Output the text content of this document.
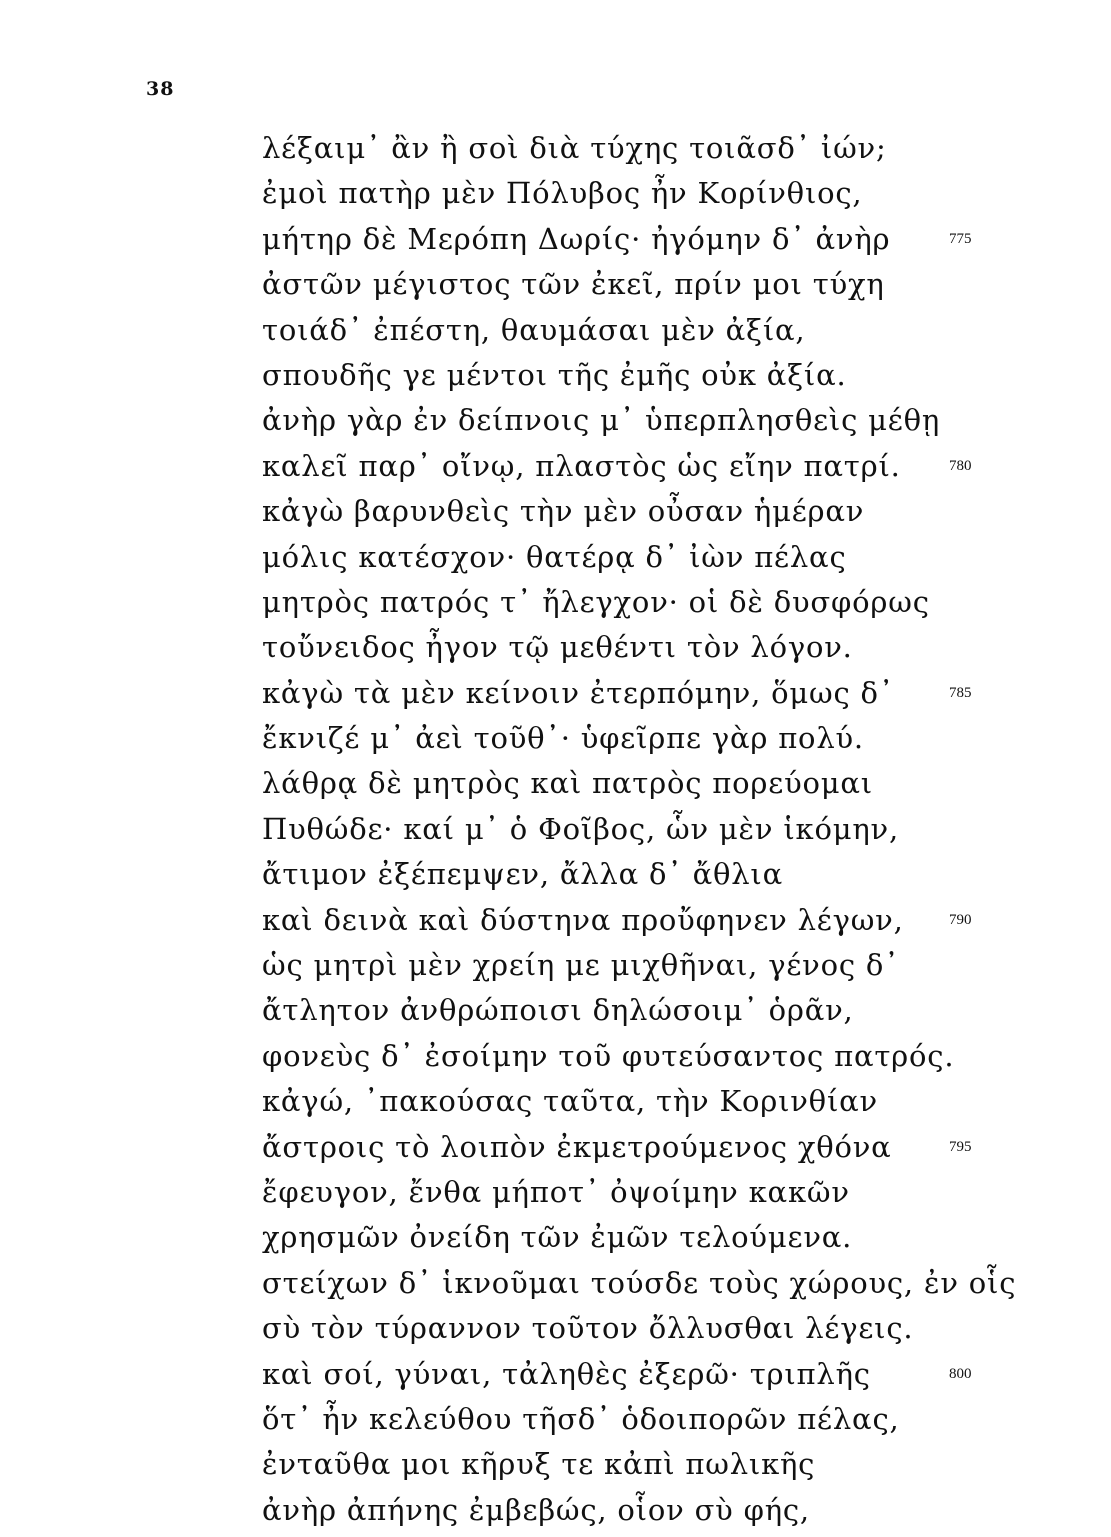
38
λέξαιμ᾽ ἂν ἢ σοὶ διὰ τύχης τοιᾶσδ᾽ ἰών;
ἐμοὶ πατὴρ μὲν Πόλυβος ἦν Κορίνθιος,
μήτηρ δὲ Μερόπη Δωρίς· ἠγόμην δ᾽ ἀνὴρ	775
ἀστῶν μέγιστος τῶν ἐκεῖ, πρίν μοι τύχη
τοιάδ᾽ ἐπέστη, θαυμάσαι μὲν ἀξία,
σπουδῆς γε μέντοι τῆς ἐμῆς οὐκ ἀξία.
ἀνὴρ γὰρ ἐν δείπνοις μ᾽ ὑπερπλησθεὶς μέθῃ
καλεῖ παρ᾽ οἴνῳ, πλαστὸς ὡς εἴην πατρί.	780
κἀγὼ βαρυνθεὶς τὴν μὲν οὖσαν ἡμέραν
μόλις κατέσχον· θατέρᾳ δ᾽ ἰὼν πέλας
μητρὸς πατρός τ᾽ ἤλεγχον· οἱ δὲ δυσφόρως
τοὔνειδος ἦγον τῷ μεθέντι τὸν λόγον.
κἀγὼ τὰ μὲν κείνοιν ἐτερπόμην, ὅμως δ᾽	785
ἔκνιζέ μ᾽ ἀεὶ τοῦθ᾽· ὑφεῖρπε γὰρ πολύ.
λάθρᾳ δὲ μητρὸς καὶ πατρὸς πορεύομαι
Πυθώδε· καί μ᾽ ὁ Φοῖβος, ὧν μὲν ἱκόμην,
ἄτιμον ἐξέπεμψεν, ἄλλα δ᾽ ἄθλια
καὶ δεινὰ καὶ δύστηνα προὔφηνεν λέγων,	790
ὡς μητρὶ μὲν χρείη με μιχθῆναι, γένος δ᾽
ἄτλητον ἀνθρώποισι δηλώσοιμ᾽ ὁρᾶν,
φονεὺς δ᾽ ἐσοίμην τοῦ φυτεύσαντος πατρός.
κἀγώ, ᾽πακούσας ταῦτα, τὴν Κορινθίαν
ἄστροις τὸ λοιπὸν ἐκμετρούμενος χθόνα	795
ἔφευγον, ἔνθα μήποτ᾽ ὀψοίμην κακῶν
χρησμῶν ὀνείδη τῶν ἐμῶν τελούμενα.
στείχων δ᾽ ἱκνοῦμαι τούσδε τοὺς χώρους, ἐν οἷς
σὺ τὸν τύραννον τοῦτον ὄλλυσθαι λέγεις.
καὶ σοί, γύναι, τἀληθὲς ἐξερῶ· τριπλῆς	800
ὅτ᾽ ἦν κελεύθου τῆσδ᾽ ὁδοιπορῶν πέλας,
ἐνταῦθα μοι κῆρυξ τε κἀπὶ πωλικῆς
ἀνὴρ ἀπήνης ἐμβεβώς, οἷον σὺ φής,
